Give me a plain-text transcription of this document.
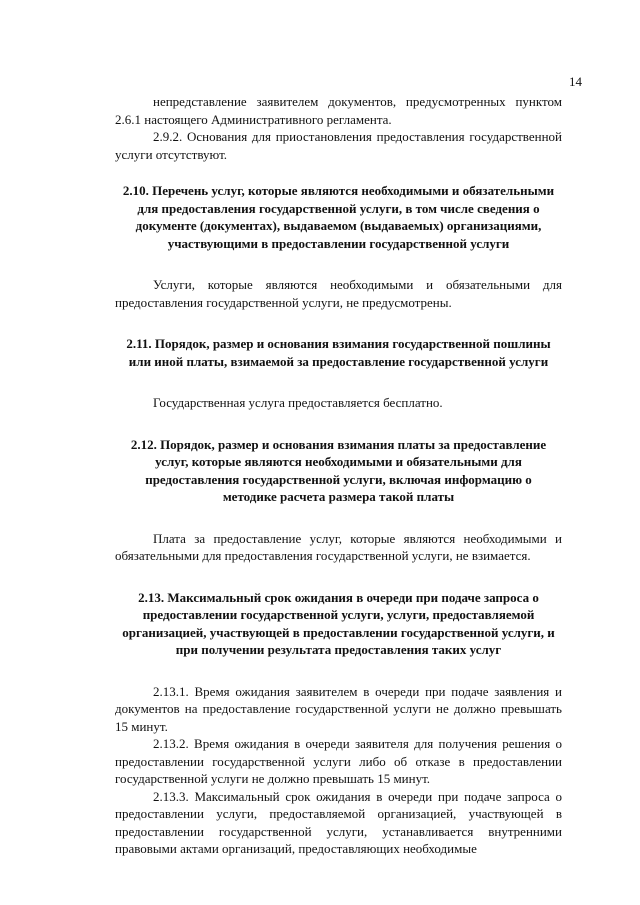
14

непредставление заявителем документов, предусмотренных пунктом 2.6.1 настоящего Административного регламента.

2.9.2. Основания для приостановления предоставления государственной услуги отсутствуют.

2.10. Перечень услуг, которые являются необходимыми и обязательными для предоставления государственной услуги, в том числе сведения о документе (документах), выдаваемом (выдаваемых) организациями, участвующими в предоставлении государственной услуги

Услуги, которые являются необходимыми и обязательными для предоставления государственной услуги, не предусмотрены.

2.11. Порядок, размер и основания взимания государственной пошлины или иной платы, взимаемой за предоставление государственной услуги

Государственная услуга предоставляется бесплатно.

2.12. Порядок, размер и основания взимания платы за предоставление услуг, которые являются необходимыми и обязательными для предоставления государственной услуги, включая информацию о методике расчета размера такой платы

Плата за предоставление услуг, которые являются необходимыми и обязательными для предоставления государственной услуги, не взимается.

2.13. Максимальный срок ожидания в очереди при подаче запроса о предоставлении государственной услуги, услуги, предоставляемой организацией, участвующей в предоставлении государственной услуги, и при получении результата предоставления таких услуг

2.13.1. Время ожидания заявителем в очереди при подаче заявления и документов на предоставление государственной услуги не должно превышать 15 минут.

2.13.2. Время ожидания в очереди заявителя для получения решения о предоставлении государственной услуги либо об отказе в предоставлении государственной услуги не должно превышать 15 минут.

2.13.3. Максимальный срок ожидания в очереди при подаче запроса о предоставлении услуги, предоставляемой организацией, участвующей в предоставлении государственной услуги, устанавливается внутренними правовыми актами организаций, предоставляющих необходимые
